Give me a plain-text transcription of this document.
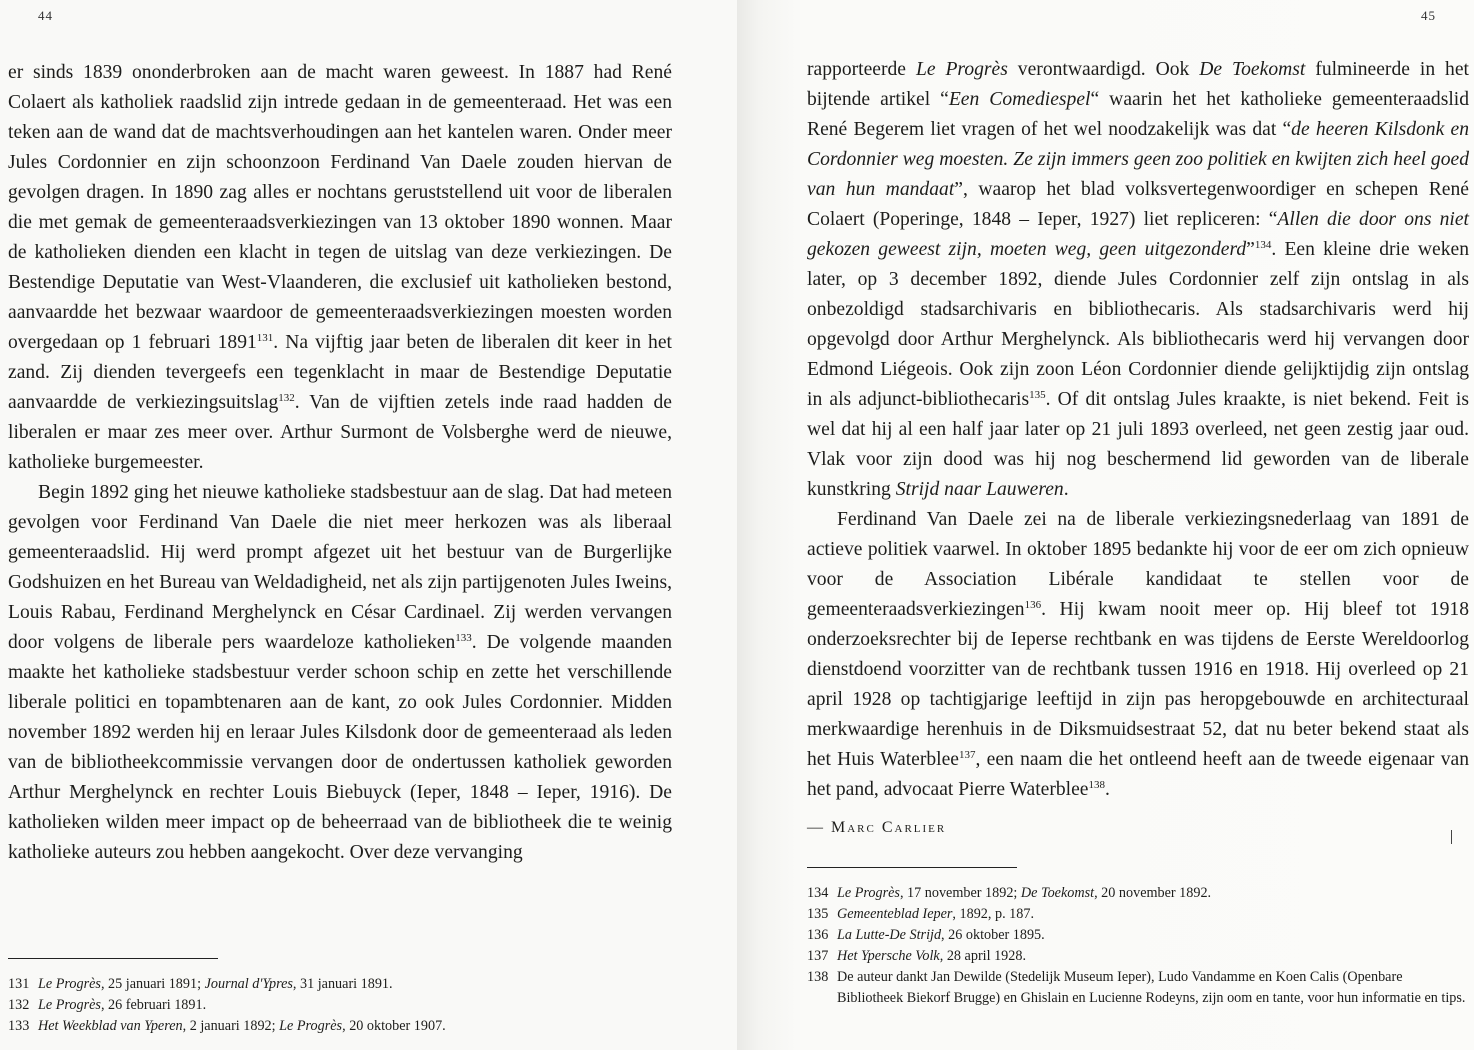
44

er sinds 1839 ononderbroken aan de macht waren geweest. In 1887 had René Colaert als katholiek raadslid zijn intrede gedaan in de gemeenteraad. Het was een teken aan de wand dat de machtsverhoudingen aan het kantelen waren. Onder meer Jules Cordonnier en zijn schoonzoon Ferdinand Van Daele zouden hiervan de gevolgen dragen. In 1890 zag alles er nochtans geruststellend uit voor de liberalen die met gemak de gemeenteraadsverkiezingen van 13 oktober 1890 wonnen. Maar de katholieken dienden een klacht in tegen de uitslag van deze verkiezingen. De Bestendige Deputatie van West-Vlaanderen, die exclusief uit katholieken bestond, aanvaardde het bezwaar waardoor de gemeenteraadsverkiezingen moesten worden overgedaan op 1 februari 1891$^{131}$. Na vijftig jaar beten de liberalen dit keer in het zand. Zij dienden tevergeefs een tegenklacht in maar de Bestendige Deputatie aanvaardde de verkiezingsuitslag$^{132}$. Van de vijftien zetels inde raad hadden de liberalen er maar zes meer over. Arthur Surmont de Volsberghe werd de nieuwe, katholieke burgemeester.

Begin 1892 ging het nieuwe katholieke stadsbestuur aan de slag. Dat had meteen gevolgen voor Ferdinand Van Daele die niet meer herkozen was als liberaal gemeenteraadslid. Hij werd prompt afgezet uit het bestuur van de Burgerlijke Godshuizen en het Bureau van Weldadigheid, net als zijn partijgenoten Jules Iweins, Louis Rabau, Ferdinand Merghelynck en César Cardinael. Zij werden vervangen door volgens de liberale pers waardeloze katholieken$^{133}$. De volgende maanden maakte het katholieke stadsbestuur verder schoon schip en zette het verschillende liberale politici en topambtenaren aan de kant, zo ook Jules Cordonnier. Midden november 1892 werden hij en leraar Jules Kilsdonk door de gemeenteraad als leden van de bibliotheekcommissie vervangen door de ondertussen katholiek geworden Arthur Merghelynck en rechter Louis Biebuyck (Ieper, 1848 – Ieper, 1916). De katholieken wilden meer impact op de beheerraad van de bibliotheek die te weinig katholieke auteurs zou hebben aangekocht. Over deze vervanging

131 Le Progrès, 25 januari 1891; Journal d'Ypres, 31 januari 1891.
132 Le Progrès, 26 februari 1891.
133 Het Weekblad van Yperen, 2 januari 1892; Le Progrès, 20 oktober 1907.
45

rapporteerde Le Progrès verontwaardigd. Ook De Toekomst fulmineerde in het bijtende artikel “Een Comediespel“ waarin het het katholieke gemeenteraadslid René Begerem liet vragen of het wel noodzakelijk was dat “de heeren Kilsdonk en Cordonnier weg moesten. Ze zijn immers geen zoo politiek en kwijten zich heel goed van hun mandaat”, waarop het blad volksvertegenwoordiger en schepen René Colaert (Poperinge, 1848 – Ieper, 1927) liet repliceren: “Allen die door ons niet gekozen geweest zijn, moeten weg, geen uitgezonderd”$^{134}$. Een kleine drie weken later, op 3 december 1892, diende Jules Cordonnier zelf zijn ontslag in als onbezoldigd stadsarchivaris en bibliothecaris. Als stadsarchivaris werd hij opgevolgd door Arthur Merghelynck. Als bibliothecaris werd hij vervangen door Edmond Liégeois. Ook zijn zoon Léon Cordonnier diende gelijktijdig zijn ontslag in als adjunct-bibliothecaris$^{135}$. Of dit ontslag Jules kraakte, is niet bekend. Feit is wel dat hij al een half jaar later op 21 juli 1893 overleed, net geen zestig jaar oud. Vlak voor zijn dood was hij nog beschermend lid geworden van de liberale kunstkring Strijd naar Lauweren.

Ferdinand Van Daele zei na de liberale verkiezingsnederlaag van 1891 de actieve politiek vaarwel. In oktober 1895 bedankte hij voor de eer om zich opnieuw voor de Association Libérale kandidaat te stellen voor de gemeenteraadsverkiezingen$^{136}$. Hij kwam nooit meer op. Hij bleef tot 1918 onderzoeksrechter bij de Ieperse rechtbank en was tijdens de Eerste Wereldoorlog dienstdoend voorzitter van de rechtbank tussen 1916 en 1918. Hij overleed op 21 april 1928 op tachtigjarige leeftijd in zijn pas heropgebouwde en architecturaal merkwaardige herenhuis in de Diksmuidsestraat 52, dat nu beter bekend staat als het Huis Waterblee$^{137}$, een naam die het ontleend heeft aan de tweede eigenaar van het pand, advocaat Pierre Waterblee$^{138}$.

— Marc Carlier
134 Le Progrès, 17 november 1892; De Toekomst, 20 november 1892.
135 Gemeenteblad Ieper, 1892, p. 187.
136 La Lutte-De Strijd, 26 oktober 1895.
137 Het Ypersche Volk, 28 april 1928.
138 De auteur dankt Jan Dewilde (Stedelijk Museum Ieper), Ludo Vandamme en Koen Calis (Openbare Bibliotheek Biekorf Brugge) en Ghislain en Lucienne Rodeyns, zijn oom en tante, voor hun informatie en tips.
